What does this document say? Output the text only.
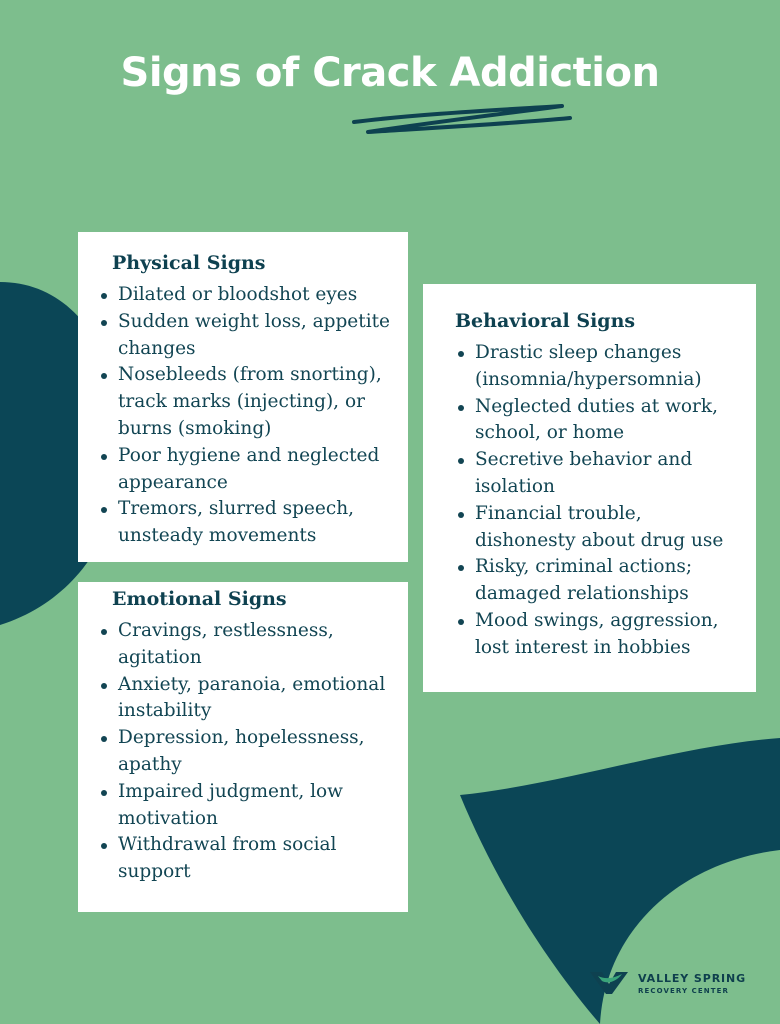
Signs of Crack Addiction
Physical Signs
Dilated or bloodshot eyes
Sudden weight loss, appetite changes
Nosebleeds (from snorting), track marks (injecting), or burns (smoking)
Poor hygiene and neglected appearance
Tremors, slurred speech, unsteady movements
Emotional Signs
Cravings, restlessness, agitation
Anxiety, paranoia, emotional instability
Depression, hopelessness, apathy
Impaired judgment, low motivation
Withdrawal from social support
Behavioral Signs
Drastic sleep changes (insomnia/hypersomnia)
Neglected duties at work, school, or home
Secretive behavior and isolation
Financial trouble, dishonesty about drug use
Risky, criminal actions; damaged relationships
Mood swings, aggression, lost interest in hobbies
VALLEY SPRING
RECOVERY CENTER
